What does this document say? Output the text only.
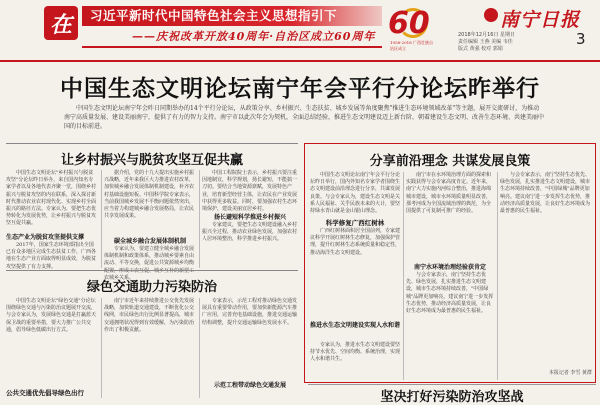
在	习近平新时代中国特色社会主义思想指引下
——庆祝改革开放40周年·自治区成立60周年 60
1958-2018 广西壮族自治区成立
南宁日报
2018年12月16日 星期日
责任编辑 王燕 美编 韦佳
版式 黄强 校对 郭娟
3
中国生态文明论坛南宁年会平行分论坛昨举行
中国生态文明论坛南宁年会昨日同期举办的14个平行分论坛，从政策分享、乡村振兴、生态扶贫、城乡发展等角度聚焦"推进生态环境领域改革"等主题，展开交流研讨，为推动南宁高质量发展、建设美丽南宁，提供了有力的智力支持。南宁市以此次年会为契机，全面总结经验，推进生态文明建设迈上新台阶，朝着建设生态文明、改善生态环境、共建美丽中国的目标前进。
让乡村振兴与脱贫攻坚互促共赢
中国生态文明论坛"乡村振兴与脱贫攻坚"分论坛昨日举办，来自国内知名专家学者以及各地代表齐聚一堂，围绕乡村振兴与脱贫攻坚的内在联系，深入探讨新时代推动农业农村现代化、实现乡村全面振兴的路径方法。专家认为，要把生态优势转化为发展优势，让乡村振兴与脱贫攻坚互促共赢。
生态产业为脱贫攻坚提供支撑
2017年，国家生态环境部指出全国已有众多地区完成生态扶贫工作，广西各地在生态产业方面取得明显成效，为脱贫攻坚提供了有力支撑。
据介绍，党的十九大提出实施乡村振兴战略，近年来我区大力推进农村改革，加快城乡融合发展体制机制建设，补齐农村基础设施短板。中国科学院专家表示，当前我国城乡发展不平衡问题依然突出，应当着力构建城乡融合发展格局，让农民共享发展成果。
碳全城乡融合发展体制机制
专家认为，要建立健全城乡融合发展体制机制和政策体系，推动城乡要素自由流动、平等交换，促进公共资源城乡均衡 农城乡关系。
中国工程院院士表示，乡村振兴要注重因地制宜，科学规划，扬长避短，不能搞一刀切。要结合当地资源禀赋，发展特色产业，培育新型经营主体，让农民在产业发展中获得更多收益。同时，要加强农村生态环境保护，建设美丽宜居乡村。
扬长避短科学推进乡村振兴
专家建议，要把生态文明建设融入乡村振兴全过程，推动农业绿色发展，加强农村人居环境整治，科学推进乡村振兴。
绿色交通助力污染防治
中国生态文明论坛"绿色交通"分论坛围绕绿色交通与污染防治议题展开交流，与会专家认为，发展绿色交通是打赢蓝天保卫战的重要举措，要大力推广公共交通，倡导绿色低碳出行方式。
公共交通优先倡导绿色出行
南宁市近年来持续推进公交优先发展战略，加快轨道交通建设，不断优化公交线网，市民绿色出行比例显著提高，城市交通拥堵状况得到有效缓解，为污染防治作出了积极贡献。
专家表示，示范工程对推动绿色交通发展具有重要带动作用，要加快新能源汽车推广应用，完善充电基础设施，推进交通运输结构调整，提升交通运输绿色发展水平。
示范工程带动绿色交通发展
分享前沿理念 共谋发展良策
中国生态文明论坛南宁年会平行分论坛昨日举行，国内外知名专家学者围绕生态文明建设前沿理念进行分享，共谋发展良策。与会专家认为，建设生态文明是关系人民福祉、关乎民族未来的大计，要坚持绿水青山就是金山银山理念。
科学修复广西红树林
广西红树林面积居全国前列，专家建议科学开展红树林生态修复，加强保护管理，提升红树林生态系统质量和稳定性，推动海洋生态文明建设。
推进水生态文明建设实现人水和谐
专家认为，推进水生态文明建设要坚持节水优先、空间均衡、系统治理，实现人水和谐共生。
南宁市在水环境治理方面的探索和实践获得与会专家高度肯定。近年来，南宁大力实施内河综合整治，推进海绵城市建设，城市水环境质量明显改善，那考河成为全国流域治理的典范，为全国提供了可复制可推广的经验。
南宁水环境治理经验获肯定
与会专家表示，南宁坚持生态优先、绿色发展，扎实推进生态文明建设，城市生态环境持续改善，"中国绿城"品牌更加响亮。建议南宁进一步发挥生态优势，推动经济高质量发展，让良好生态环境成为最普惠的民生福祉。
与会专家表示，南宁坚持生态优先、绿色发展，扎实推进生态文明建设，城市生态环境持续改善，"中国绿城"品牌更加响亮。建议南宁进一步发挥生态优势，推动经济高质量发展，让良好生态环境成为最普惠的民生福祉。
本报记者 李雪 黄群
坚决打好污染防治攻坚战
